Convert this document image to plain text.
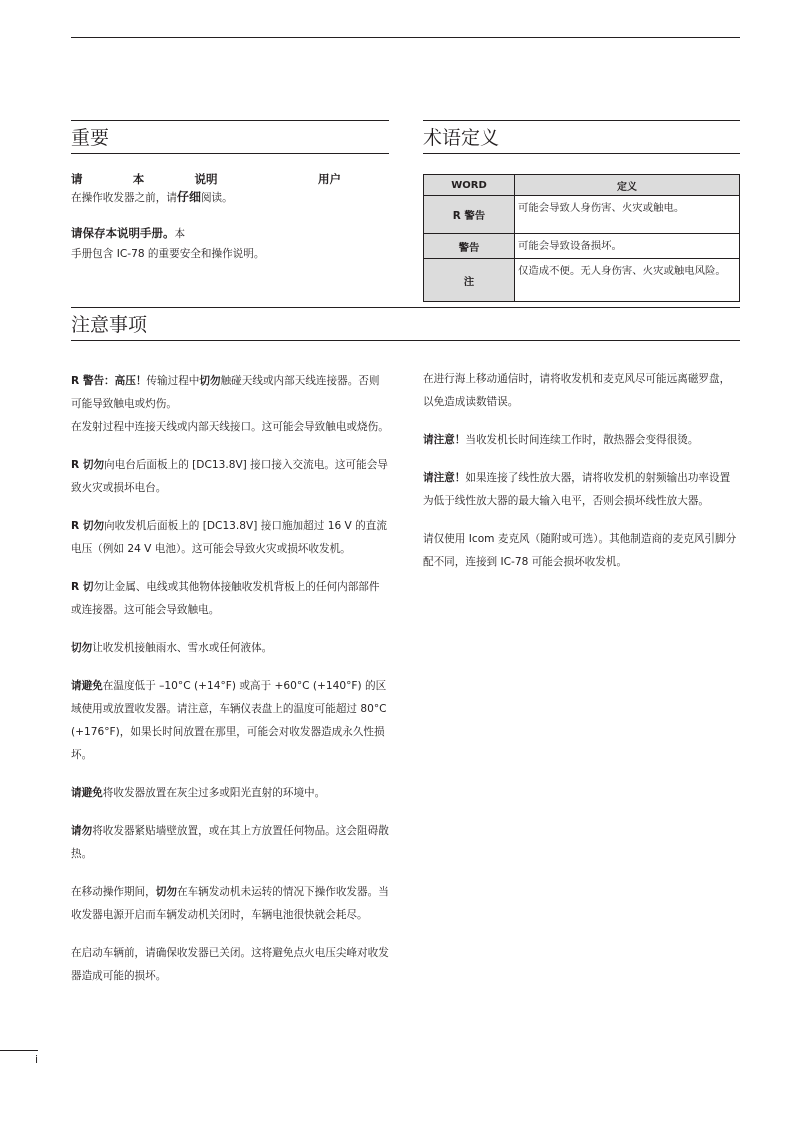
重要
请	本	说明	用户

在操作收发器之前，请仔细阅读。

请保存本说明手册。本

手册包含 IC-78 的重要安全和操作说明。

术语定义
WORD	定义
R 警告	可能会导致人身伤害、火灾或触电。
警告	可能会导致设备损坏。
注	仅造成不便。无人身伤害、火灾或触电风险。
注意事项

R 警告：高压！传输过程中切勿触碰天线或内部天线连接器。否则可能导致触电或灼伤。

在发射过程中连接天线或内部天线接口。这可能会导致触电或烧伤。

R 切勿向电台后面板上的 [DC13.8V] 接口接入交流电。这可能会导致火灾或损坏电台。

R 切勿向收发机后面板上的 [DC13.8V] 接口施加超过 16 V 的直流电压（例如 24 V 电池）。这可能会导致火灾或损坏收发机。

R 切勿让金属、电线或其他物体接触收发机背板上的任何内部部件或连接器。这可能会导致触电。

切勿让收发机接触雨水、雪水或任何液体。

请避免在温度低于 –10°C (+14°F) 或高于 +60°C (+140°F) 的区域使用或放置收发器。请注意，车辆仪表盘上的温度可能超过 80°C (+176°F)，如果长时间放置在那里，可能会对收发器造成永久性损坏。

请避免将收发器放置在灰尘过多或阳光直射的环境中。

请勿将收发器紧贴墙壁放置，或在其上方放置任何物品。这会阻碍散热。

在移动操作期间，切勿在车辆发动机未运转的情况下操作收发器。当收发器电源开启而车辆发动机关闭时，车辆电池很快就会耗尽。

在启动车辆前，请确保收发器已关闭。这将避免点火电压尖峰对收发器造成可能的损坏。

在进行海上移动通信时，请将收发机和麦克风尽可能远离磁罗盘，以免造成读数错误。

请注意！当收发机长时间连续工作时，散热器会变得很烫。

请注意！如果连接了线性放大器，请将收发机的射频输出功率设置为低于线性放大器的最大输入电平，否则会损坏线性放大器。

请仅使用 Icom 麦克风（随附或可选）。其他制造商的麦克风引脚分配不同，连接到 IC-78 可能会损坏收发机。

i
